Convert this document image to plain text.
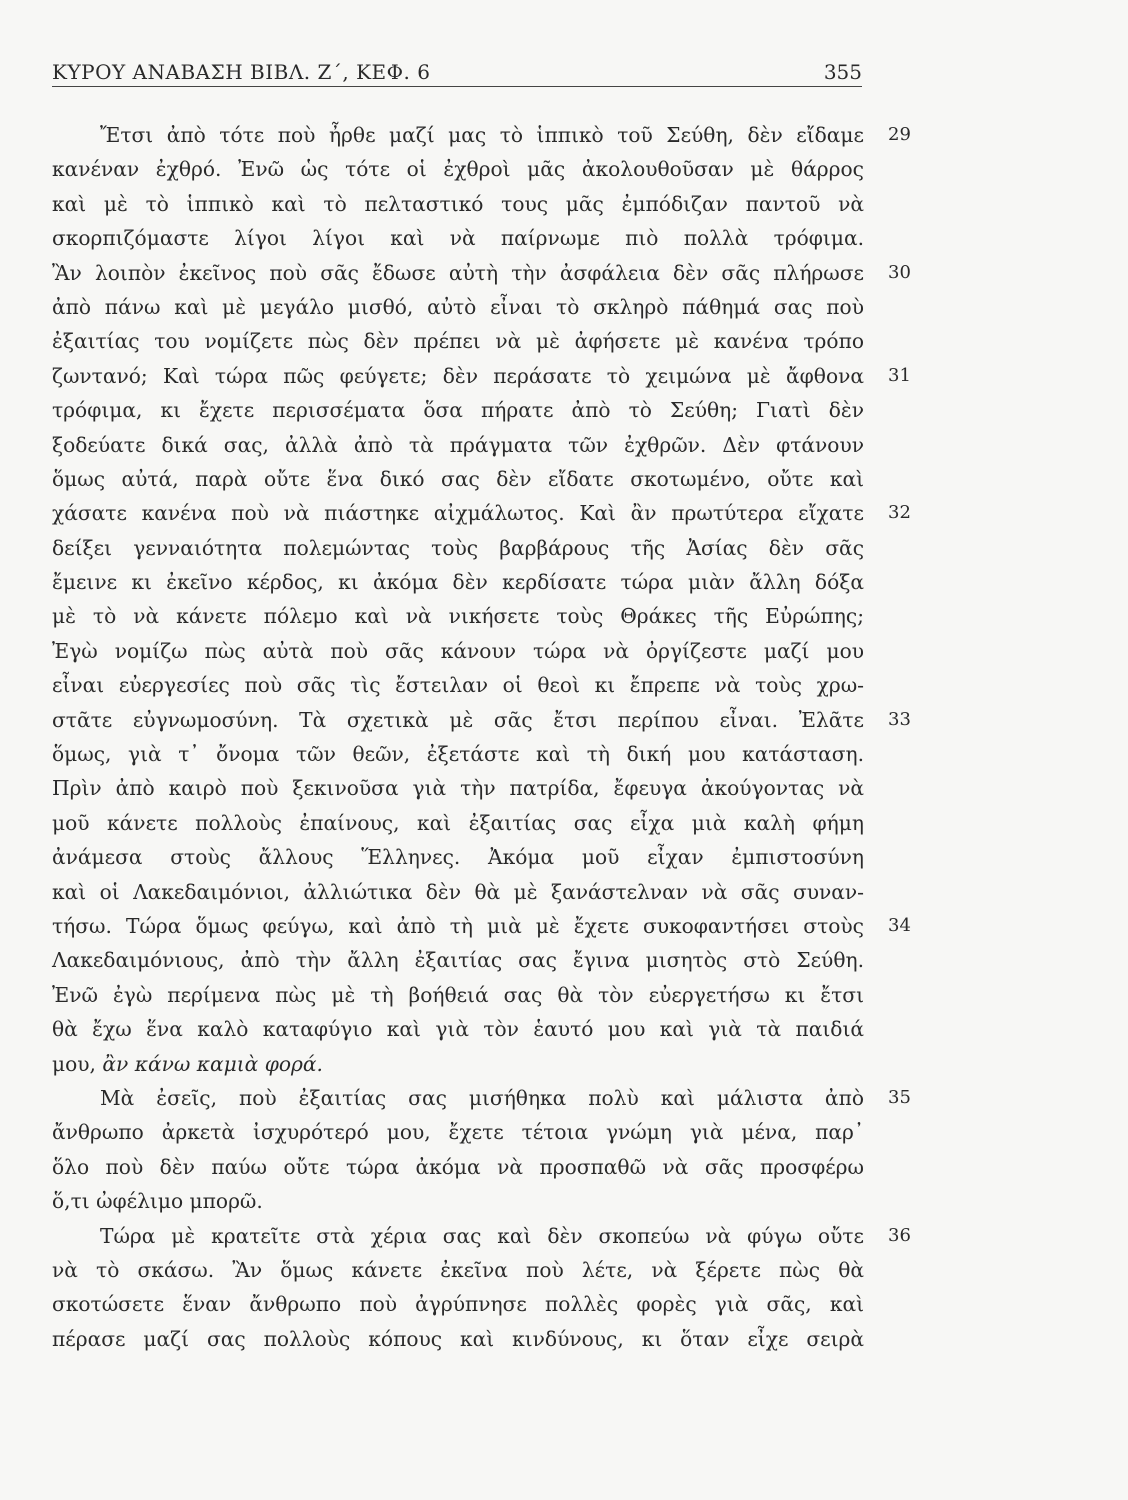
ΚΥΡΟΥ ΑΝΑΒΑΣΗ ΒΙΒΛ. Ζ΄, ΚΕΦ. 6	355
Ἔτσι ἀπὸ τότε ποὺ ἦρθε μαζί μας τὸ ἱππικὸ τοῦ Σεύθη, δὲν εἴδαμε 29
κανέναν ἐχθρό. Ἐνῶ ὡς τότε οἱ ἐχθροὶ μᾶς ἀκολουθοῦσαν μὲ θάρρος
καὶ μὲ τὸ ἱππικὸ καὶ τὸ πελταστικό τους μᾶς ἐμπόδιζαν παντοῦ νὰ
σκορπιζόμαστε λίγοι λίγοι καὶ νὰ παίρνωμε πιὸ πολλὰ τρόφιμα.
Ἂν λοιπὸν ἐκεῖνος ποὺ σᾶς ἔδωσε αὐτὴ τὴν ἀσφάλεια δὲν σᾶς πλήρωσε 30
ἀπὸ πάνω καὶ μὲ μεγάλο μισθό, αὐτὸ εἶναι τὸ σκληρὸ πάθημά σας ποὺ
ἐξαιτίας του νομίζετε πὼς δὲν πρέπει νὰ μὲ ἀφήσετε μὲ κανένα τρόπο
ζωντανό; Καὶ τώρα πῶς φεύγετε; δὲν περάσατε τὸ χειμώνα μὲ ἄφθονα 31
τρόφιμα, κι ἔχετε περισσέματα ὅσα πήρατε ἀπὸ τὸ Σεύθη; Γιατὶ δὲν
ξοδεύατε δικά σας, ἀλλὰ ἀπὸ τὰ πράγματα τῶν ἐχθρῶν. Δὲν φτάνουν
ὅμως αὐτά, παρὰ οὔτε ἕνα δικό σας δὲν εἴδατε σκοτωμένο, οὔτε καὶ
χάσατε κανένα ποὺ νὰ πιάστηκε αἰχμάλωτος. Καὶ ἂν πρωτύτερα εἴχατε 32
δείξει γενναιότητα πολεμώντας τοὺς βαρβάρους τῆς Ἀσίας δὲν σᾶς
ἔμεινε κι ἐκεῖνο κέρδος, κι ἀκόμα δὲν κερδίσατε τώρα μιὰν ἄλλη δόξα
μὲ τὸ νὰ κάνετε πόλεμο καὶ νὰ νικήσετε τοὺς Θράκες τῆς Εὐρώπης;
Ἐγὼ νομίζω πὼς αὐτὰ ποὺ σᾶς κάνουν τώρα νὰ ὀργίζεστε μαζί μου
εἶναι εὐεργεσίες ποὺ σᾶς τὶς ἔστειλαν οἱ θεοὶ κι ἔπρεπε νὰ τοὺς χρω-
στᾶτε εὐγνωμοσύνη. Τὰ σχετικὰ μὲ σᾶς ἔτσι περίπου εἶναι. Ἐλᾶτε 33
ὅμως, γιὰ τ᾽ ὄνομα τῶν θεῶν, ἐξετάστε καὶ τὴ δική μου κατάσταση.
Πρὶν ἀπὸ καιρὸ ποὺ ξεκινοῦσα γιὰ τὴν πατρίδα, ἔφευγα ἀκούγοντας νὰ
μοῦ κάνετε πολλοὺς ἐπαίνους, καὶ ἐξαιτίας σας εἶχα μιὰ καλὴ φήμη
ἀνάμεσα στοὺς ἄλλους Ἕλληνες. Ἀκόμα μοῦ εἶχαν ἐμπιστοσύνη
καὶ οἱ Λακεδαιμόνιοι, ἀλλιώτικα δὲν θὰ μὲ ξανάστελναν νὰ σᾶς συναν-
τήσω. Τώρα ὅμως φεύγω, καὶ ἀπὸ τὴ μιὰ μὲ ἔχετε συκοφαντήσει στοὺς 34
Λακεδαιμόνιους, ἀπὸ τὴν ἄλλη ἐξαιτίας σας ἔγινα μισητὸς στὸ Σεύθη.
Ἐνῶ ἐγὼ περίμενα πὼς μὲ τὴ βοήθειά σας θὰ τὸν εὐεργετήσω κι ἔτσι
θὰ ἔχω ἕνα καλὸ καταφύγιο καὶ γιὰ τὸν ἑαυτό μου καὶ γιὰ τὰ παιδιά
μου, ἂν κάνω καμιὰ φορά.
Μὰ ἐσεῖς, ποὺ ἐξαιτίας σας μισήθηκα πολὺ καὶ μάλιστα ἀπὸ 35
ἄνθρωπο ἀρκετὰ ἰσχυρότερό μου, ἔχετε τέτοια γνώμη γιὰ μένα, παρ᾽
ὅλο ποὺ δὲν παύω οὔτε τώρα ἀκόμα νὰ προσπαθῶ νὰ σᾶς προσφέρω
ὅ,τι ὠφέλιμο μπορῶ.
Τώρα μὲ κρατεῖτε στὰ χέρια σας καὶ δὲν σκοπεύω νὰ φύγω οὔτε 36
νὰ τὸ σκάσω. Ἂν ὅμως κάνετε ἐκεῖνα ποὺ λέτε, νὰ ξέρετε πὼς θὰ
σκοτώσετε ἕναν ἄνθρωπο ποὺ ἀγρύπνησε πολλὲς φορὲς γιὰ σᾶς, καὶ
πέρασε μαζί σας πολλοὺς κόπους καὶ κινδύνους, κι ὅταν εἶχε σειρὰ
